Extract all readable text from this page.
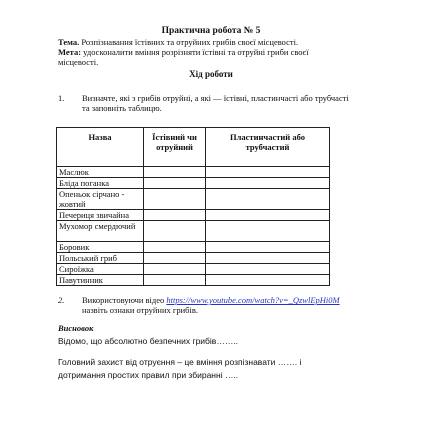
Практична робота № 5
Тема. Розпізнавання їстівних та отруйних грибів своєї місцевості.
Мета: удосконалити вміння розрізняти їстівні та отруйні гриби своєї
місцевості.
Хід роботи
1. Визначте, які з грибів отруйні, а які — їстівні, пластинчасті або трубчасті
та заповніть таблицю.
Назва	Їстівний чи отруйний	Пластинчастий або трубчастий
Маслюк		
Бліда поганка		
Опеньок сірчано - жовтий		
Печериця звичайна		
Мухомор смердючий		
Боровик		
Польський гриб		
Сироїжка		
Павутинник		
2. Використовуючи відео https://www.youtube.com/watch?v=_QzwlEpHi0M
назвіть ознаки отруйних грибів.
Висновок
Відомо, що абсолютно безпечних грибів……..
Головний захист від отруєння – це вміння розпізнавати ……. і
дотримання простих правил при збиранні …..
